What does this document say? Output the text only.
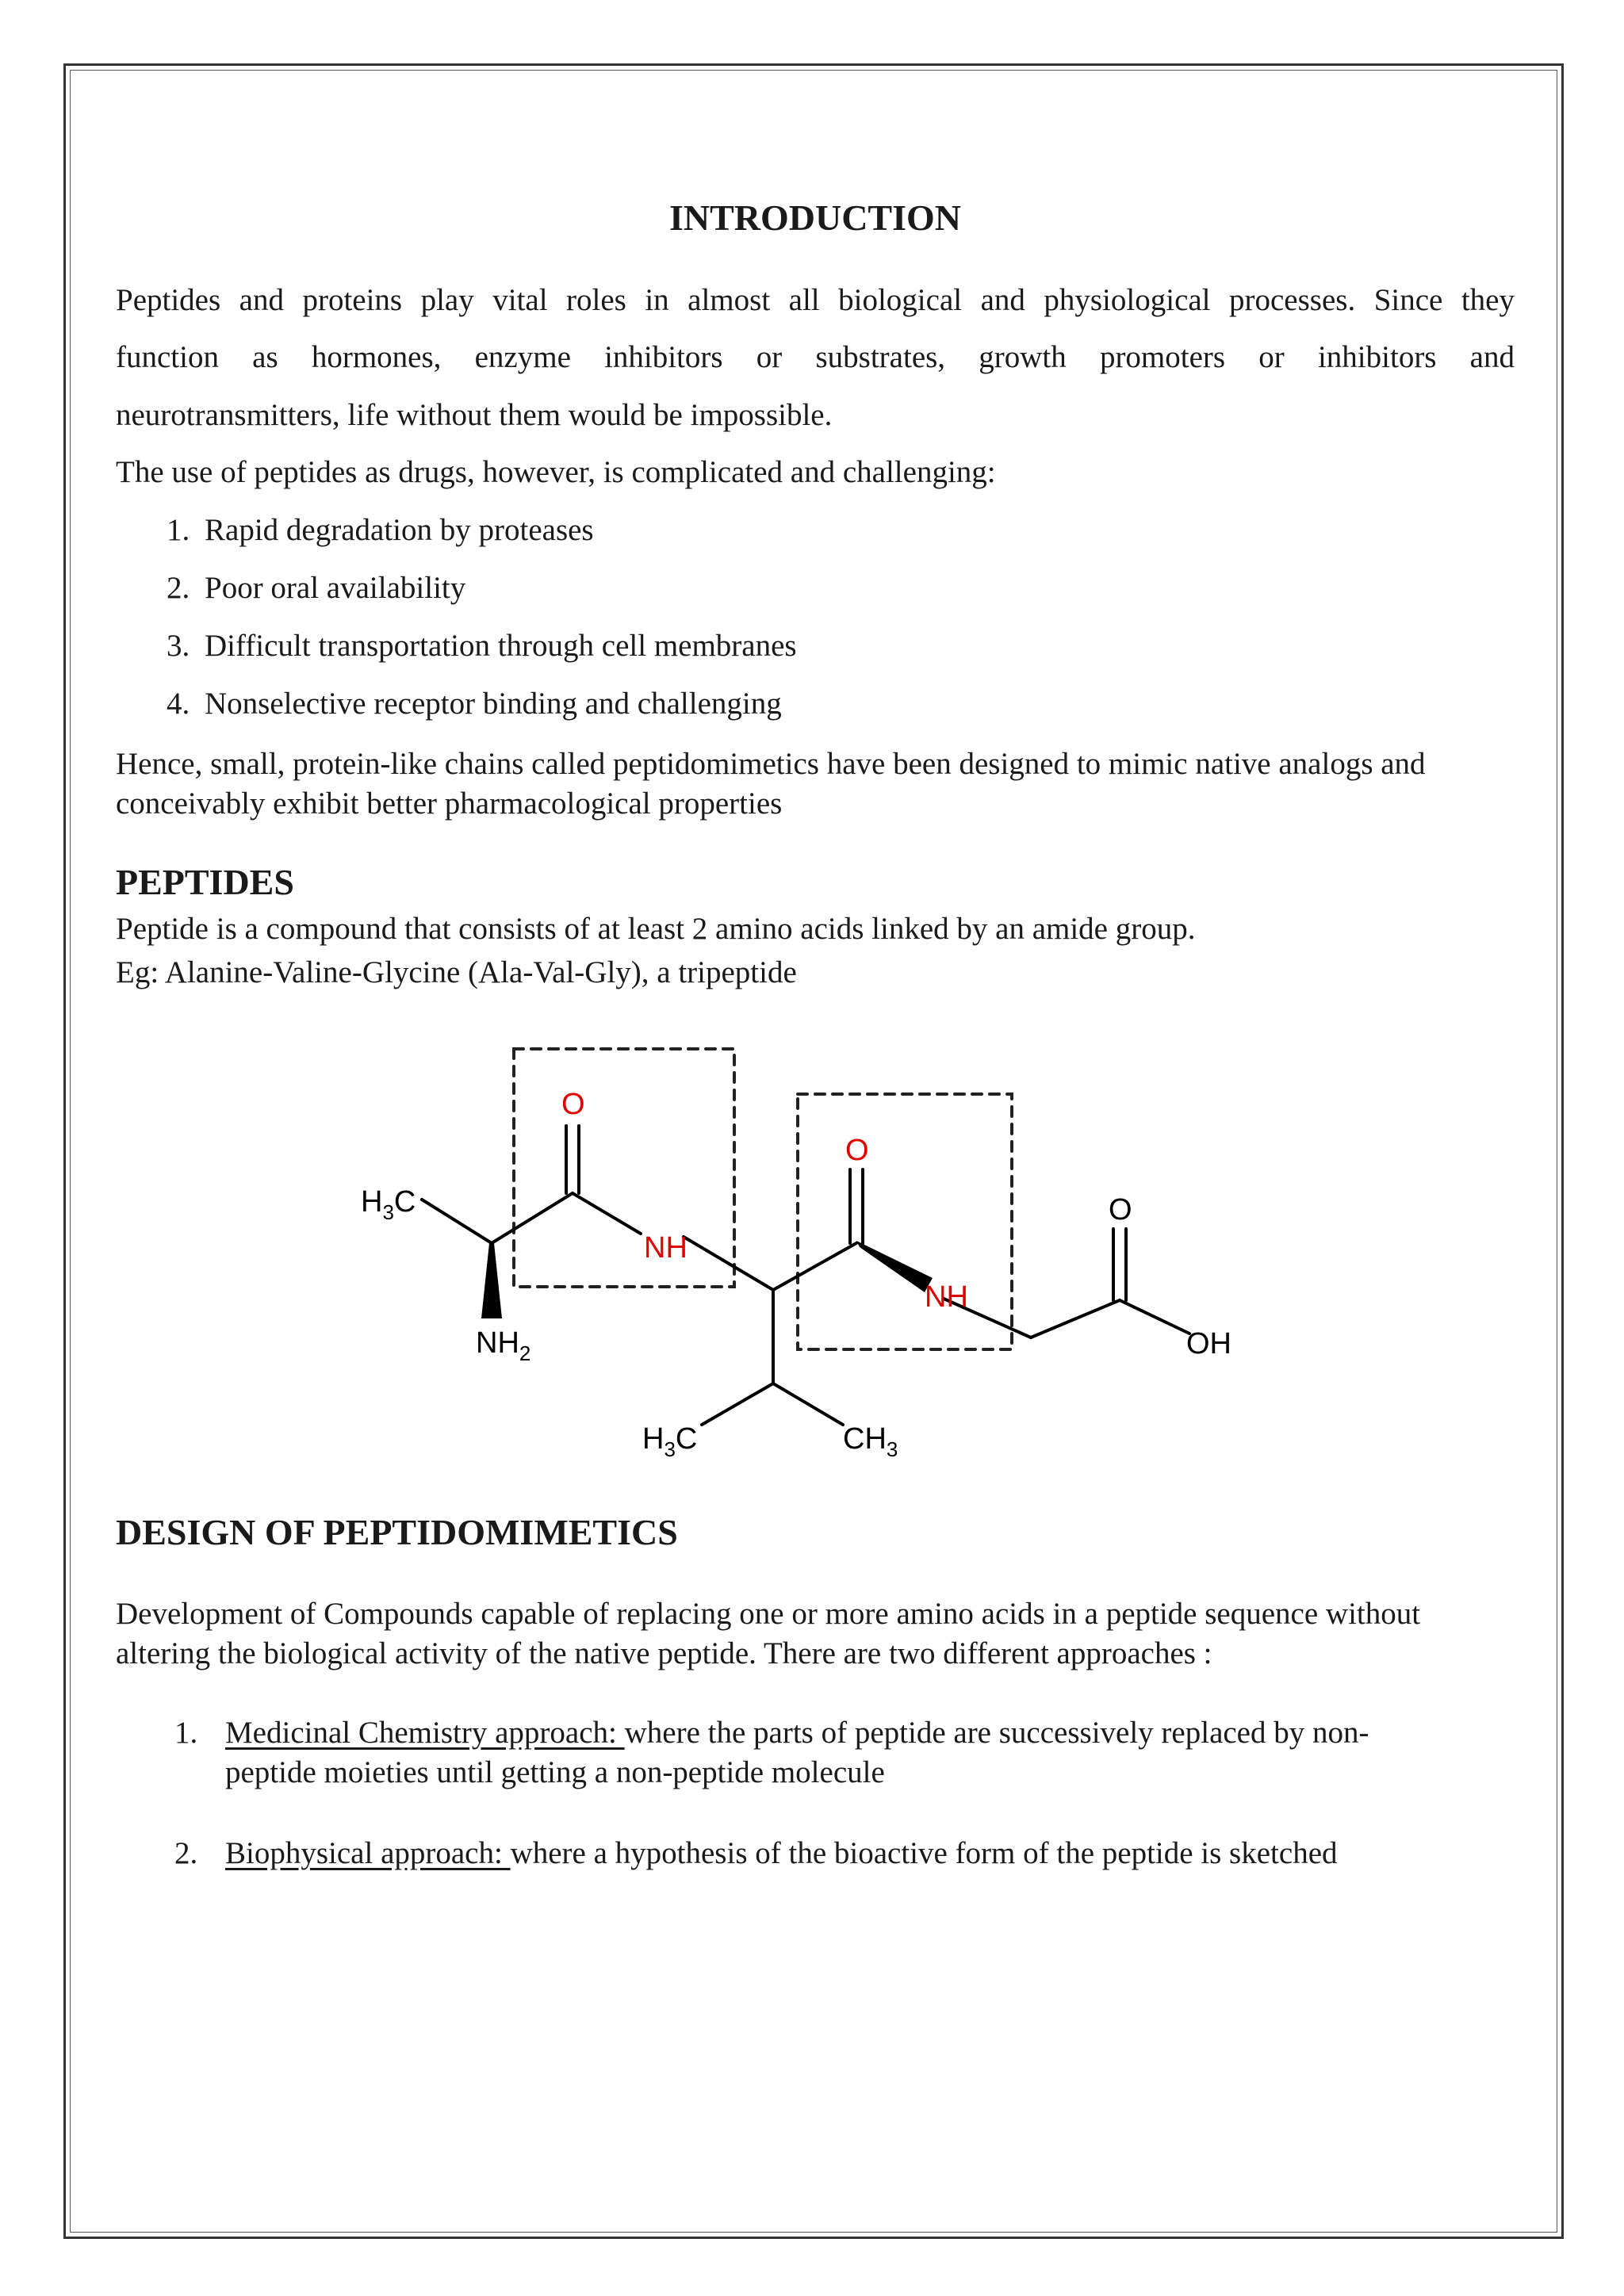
INTRODUCTION
Peptides and proteins play vital roles in almost all biological and physiological processes. Since they
function as hormones, enzyme inhibitors or substrates, growth promoters or inhibitors and
neurotransmitters, life without them would be impossible.
The use of peptides as drugs, however, is complicated and challenging:
1. Rapid degradation by proteases
2. Poor oral availability
3. Difficult transportation through cell membranes
4. Nonselective receptor binding and challenging
Hence, small, protein-like chains called peptidomimetics have been designed to mimic native analogs and
conceivably exhibit better pharmacological properties
PEPTIDES
Peptide is a compound that consists of at least 2 amino acids linked by an amide group.
Eg: Alanine-Valine-Glycine (Ala-Val-Gly), a tripeptide
$H_3C$
$NH_2$
O
NH
O
NH
O
OH
$H_3C$	$CH_3$
DESIGN OF PEPTIDOMIMETICS
Development of Compounds capable of replacing one or more amino acids in a peptide sequence without
altering the biological activity of the native peptide. There are two different approaches :
1. Medicinal Chemistry approach: where the parts of peptide are successively replaced by non-
peptide moieties until getting a non-peptide molecule
2. Biophysical approach: where a hypothesis of the bioactive form of the peptide is sketched
